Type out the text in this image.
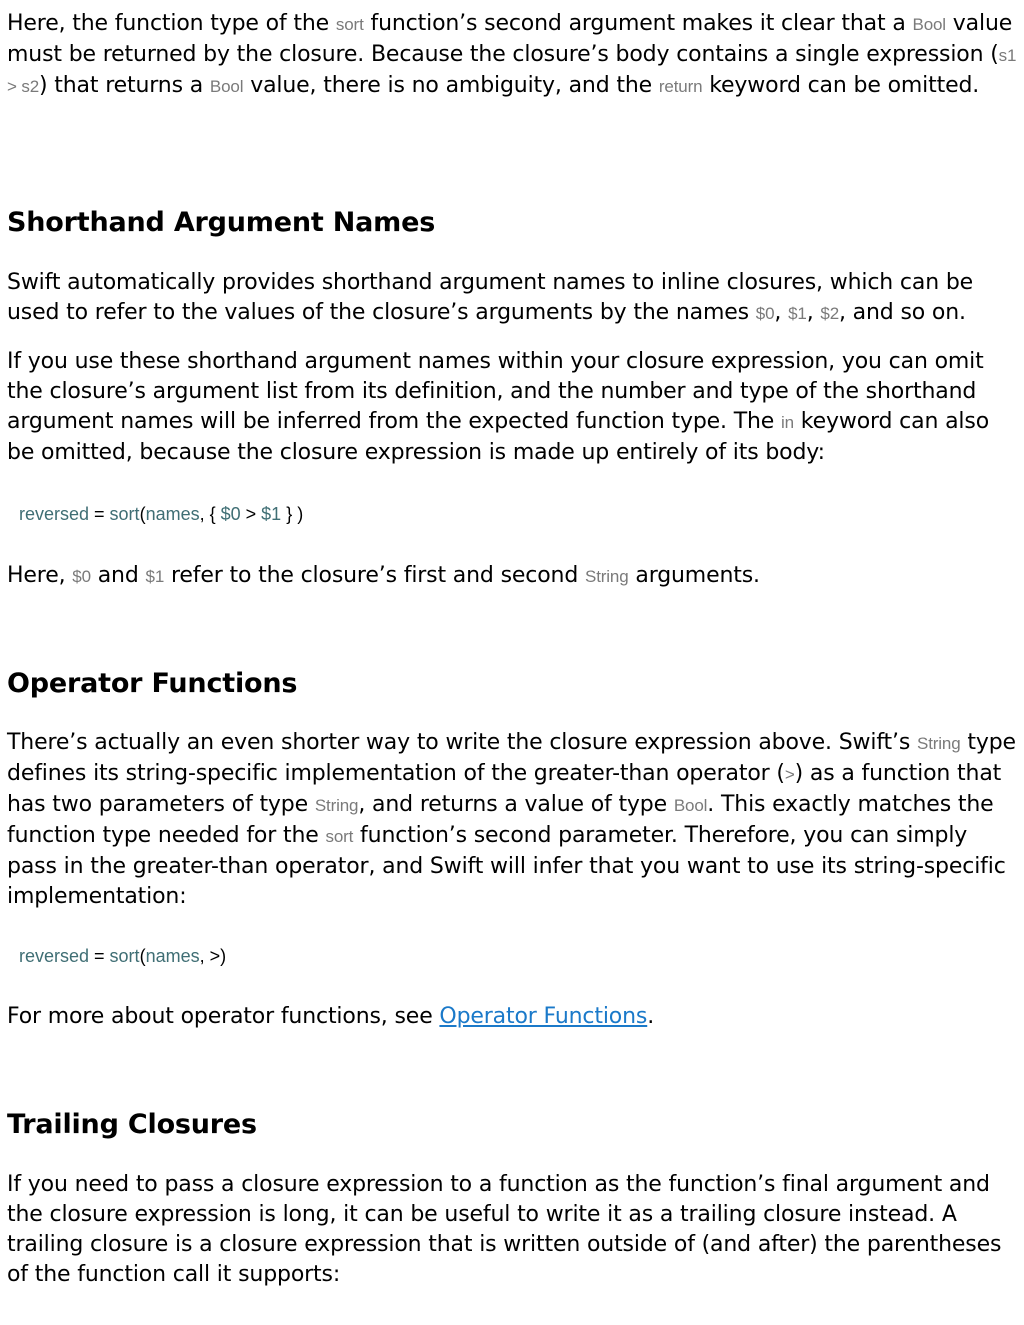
Here, the function type of the sort function’s second argument makes it clear that a Bool value must be returned by the closure. Because the closure’s body contains a single expression (s1 > s2) that returns a Bool value, there is no ambiguity, and the return keyword can be omitted.

Shorthand Argument Names

Swift automatically provides shorthand argument names to inline closures, which can be used to refer to the values of the closure’s arguments by the names $0, $1, $2, and so on.

If you use these shorthand argument names within your closure expression, you can omit the closure’s argument list from its definition, and the number and type of the shorthand argument names will be inferred from the expected function type. The in keyword can also be omitted, because the closure expression is made up entirely of its body:

reversed = sort(names, { $0 > $1 } )

Here, $0 and $1 refer to the closure’s first and second String arguments.

Operator Functions

There’s actually an even shorter way to write the closure expression above. Swift’s String type defines its string-specific implementation of the greater-than operator (>) as a function that has two parameters of type String, and returns a value of type Bool. This exactly matches the function type needed for the sort function’s second parameter. Therefore, you can simply pass in the greater-than operator, and Swift will infer that you want to use its string-specific implementation:

reversed = sort(names, >)

For more about operator functions, see Operator Functions.

Trailing Closures

If you need to pass a closure expression to a function as the function’s final argument and the closure expression is long, it can be useful to write it as a trailing closure instead. A trailing closure is a closure expression that is written outside of (and after) the parentheses of the function call it supports:
